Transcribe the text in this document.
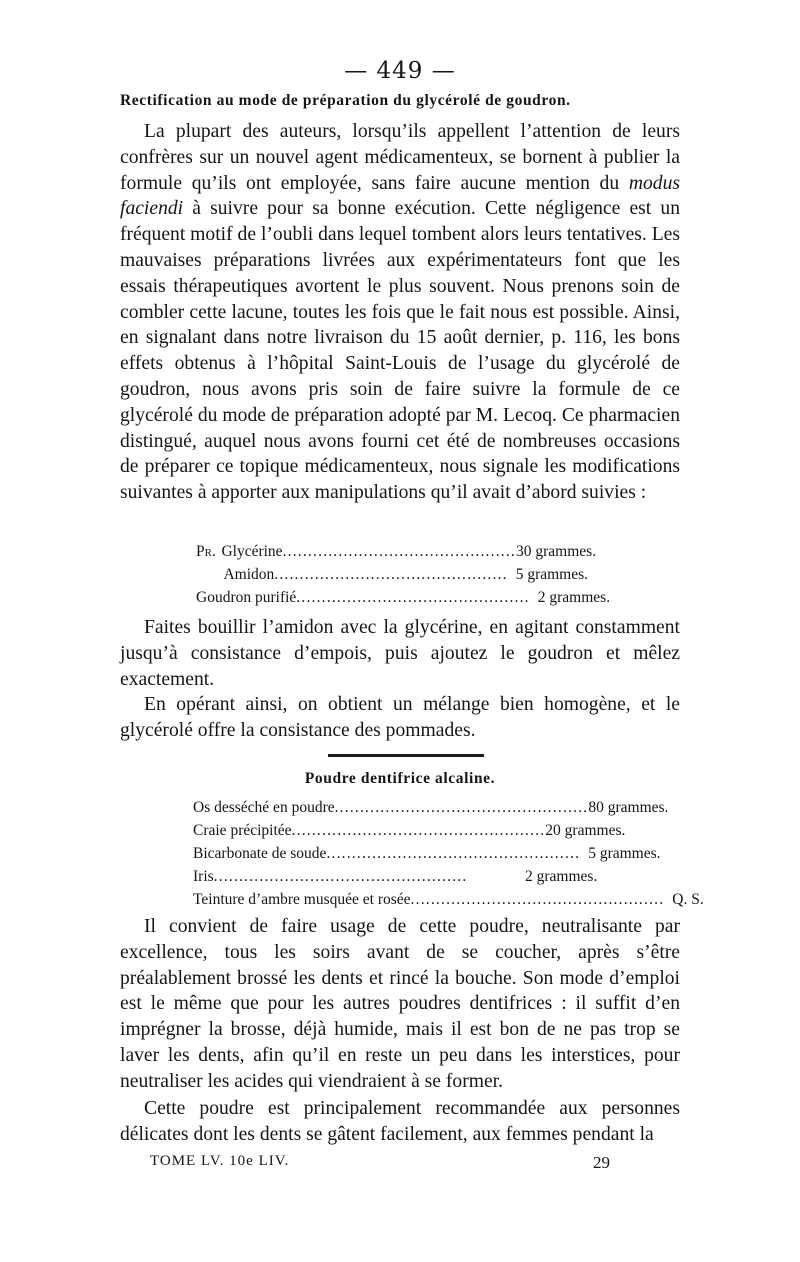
— 449 —
Rectification au mode de préparation du glycérolé de goudron.

La plupart des auteurs, lorsqu’ils appellent l’attention de leurs confrères sur un nouvel agent médicamenteux, se bornent à publier la formule qu’ils ont employée, sans faire aucune mention du modus faciendi à suivre pour sa bonne exécution. Cette négligence est un fréquent motif de l’oubli dans lequel tombent alors leurs tentatives. Les mauvaises préparations livrées aux expérimentateurs font que les essais thérapeutiques avortent le plus souvent. Nous prenons soin de combler cette lacune, toutes les fois que le fait nous est possible. Ainsi, en signalant dans notre livraison du 15 août dernier, p. 116, les bons effets obtenus à l’hôpital Saint-Louis de l’usage du glycérolé de goudron, nous avons pris soin de faire suivre la formule de ce glycérolé du mode de préparation adopté par M. Lecoq. Ce pharmacien distingué, auquel nous avons fourni cet été de nombreuses occasions de préparer ce topique médicamenteux, nous signale les modifications suivantes à apporter aux manipulations qu’il avait d’abord suivies :

Pr. Glycérine .............................................. 30 grammes.
Amidon .............................................. 5 grammes.
Goudron purifié .............................................. 2 grammes.

Faites bouillir l’amidon avec la glycérine, en agitant constamment jusqu’à consistance d’empois, puis ajoutez le goudron et mêlez exactement.

En opérant ainsi, on obtient un mélange bien homogène, et le glycérolé offre la consistance des pommades.

Poudre dentifrice alcaline.
Os desséché en poudre .................................................. 80 grammes.
Craie précipitée .................................................. 20 grammes.
Bicarbonate de soude .................................................. 5 grammes.
Iris ..................................................	2 grammes.
Teinture d’ambre musquée et rosée .................................................. Q. S.

Il convient de faire usage de cette poudre, neutralisante par excellence, tous les soirs avant de se coucher, après s’être préalablement brossé les dents et rincé la bouche. Son mode d’emploi est le même que pour les autres poudres dentifrices : il suffit d’en imprégner la brosse, déjà humide, mais il est bon de ne pas trop se laver les dents, afin qu’il en reste un peu dans les interstices, pour neutraliser les acides qui viendraient à se former.

Cette poudre est principalement recommandée aux personnes délicates dont les dents se gâtent facilement, aux femmes pendant la

TOME LV. 10e LIV.	29
